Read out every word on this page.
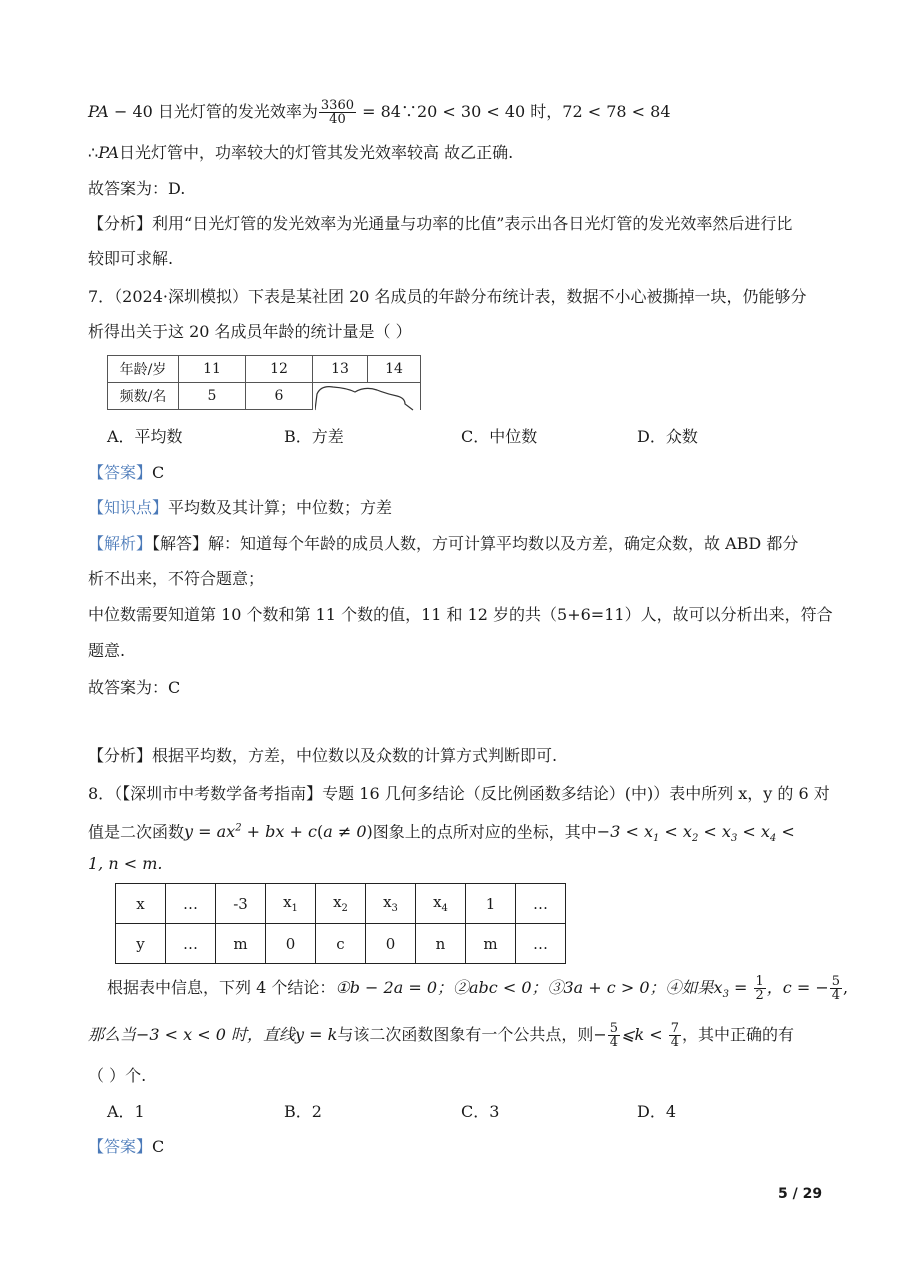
PA − 40 日光灯管的发光效率为 $\frac{3360}{40}$ = 84∵20 < 30 < 40 时，72 < 78 < 84
∴PA日光灯管中，功率较大的灯管其发光效率较高 故乙正确.
故答案为：D.
【分析】利用“日光灯管的发光效率为光通量与功率的比值”表示出各日光灯管的发光效率然后进行比
较即可求解.
7．（2024·深圳模拟）下表是某社团 20 名成员的年龄分布统计表，数据不小心被撕掉一块，仍能够分
析得出关于这 20 名成员年龄的统计量是（ ）
年龄/岁	11	12	13	14
频数/名	5	6		
A．平均数	B．方差	C．中位数	D．众数
【答案】C
【知识点】平均数及其计算；中位数；方差
【解析】【解答】解：知道每个年龄的成员人数，方可计算平均数以及方差，确定众数，故 ABD 都分
析不出来，不符合题意；
中位数需要知道第 10 个数和第 11 个数的值，11 和 12 岁的共（5+6=11）人，故可以分析出来，符合
题意.
故答案为：C
【分析】根据平均数，方差，中位数以及众数的计算方式判断即可.
8．（【深圳市中考数学备考指南】专题 16 几何多结论（反比例函数多结论）(中)）表中所列 x，y 的 6 对
值是二次函数$y = ax^2$ + bx + c(a ≠ 0)图象上的点所对应的坐标，其中$-3 < x_1 < x_2 < x_3 < x_4$ <
1, n < m.
x	…	-3	$x_1$	$x_2$	$x_3$	$x_4$	1	…
y	…	m	0	c	0	n	m	…
根据表中信息，下列 4 个结论：①b − 2a = 0；②abc < 0；③3a + c > 0；④如果$x_3 = \frac{1}{2}$ ，c = − $\frac{5}{4}$ ,
那么当−3 < x < 0 时，直线y = k与该二次函数图象有一个公共点，则− $\frac{5}{4}$ ⩽k < $\frac{7}{4}$ ，其中正确的有
（ ）个.
A．1	B．2	C．3	D．4
【答案】C
5 / 29
